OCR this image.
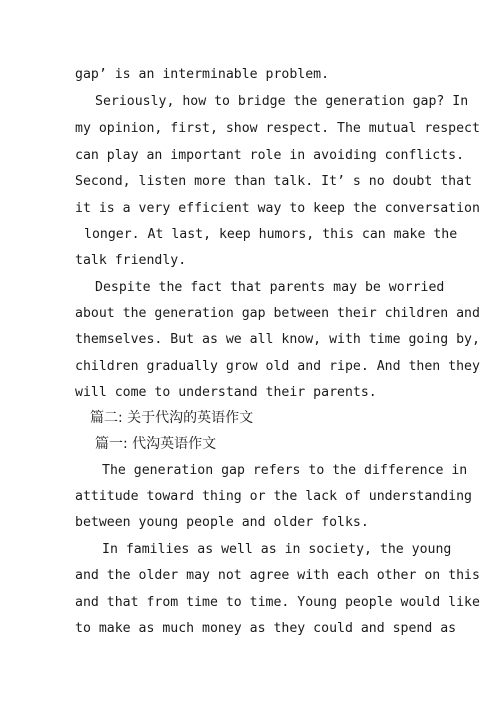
gap’ is an interminable problem.

Seriously, how to bridge the generation gap? In

my opinion, first, show respect. The mutual respect

can play an important role in avoiding conflicts.

Second, listen more than talk. It’ s no doubt that

it is a very efficient way to keep the conversation

longer. At last, keep humors, this can make the

talk friendly.

Despite the fact that parents may be worried

about the generation gap between their children and

themselves. But as we all know, with time going by,

children gradually grow old and ripe. And then they

will come to understand their parents.

篇二: 关于代沟的英语作文

篇一: 代沟英语作文

The generation gap refers to the difference in

attitude toward thing or the lack of understanding

between young people and older folks.

In families as well as in society, the young

and the older may not agree with each other on this

and that from time to time. Young people would like

to make as much money as they could and spend as
